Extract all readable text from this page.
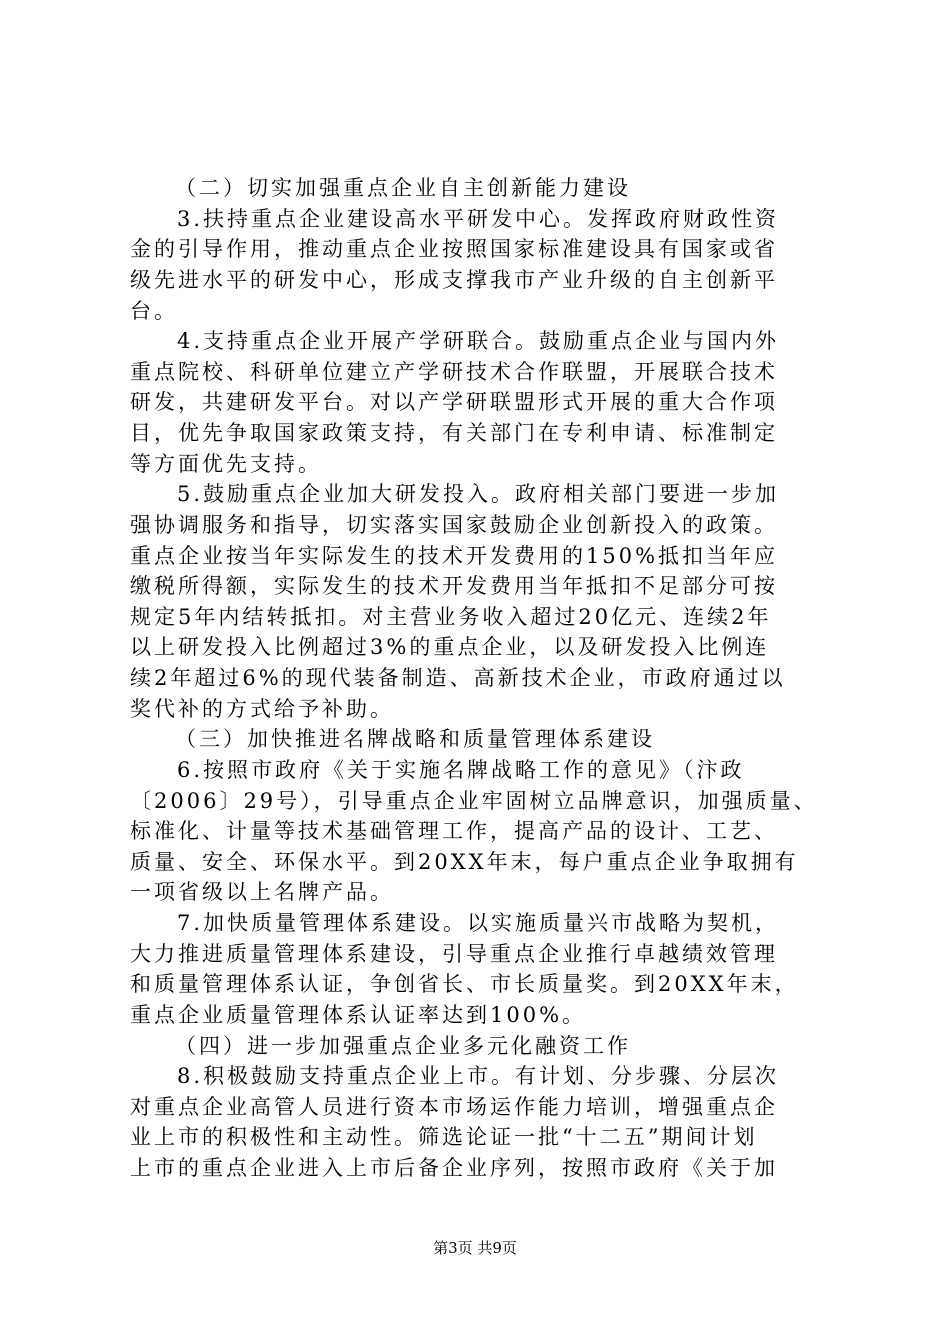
（二）切实加强重点企业自主创新能力建设
3.扶持重点企业建设高水平研发中心。发挥政府财政性资
金的引导作用，推动重点企业按照国家标准建设具有国家或省
级先进水平的研发中心，形成支撑我市产业升级的自主创新平
台。
4.支持重点企业开展产学研联合。鼓励重点企业与国内外
重点院校、科研单位建立产学研技术合作联盟，开展联合技术
研发，共建研发平台。对以产学研联盟形式开展的重大合作项
目，优先争取国家政策支持，有关部门在专利申请、标准制定
等方面优先支持。
5.鼓励重点企业加大研发投入。政府相关部门要进一步加
强协调服务和指导，切实落实国家鼓励企业创新投入的政策。
重点企业按当年实际发生的技术开发费用的150%抵扣当年应
缴税所得额，实际发生的技术开发费用当年抵扣不足部分可按
规定5年内结转抵扣。对主营业务收入超过20亿元、连续2年
以上研发投入比例超过3%的重点企业，以及研发投入比例连
续2年超过6%的现代装备制造、高新技术企业，市政府通过以
奖代补的方式给予补助。
（三）加快推进名牌战略和质量管理体系建设
6.按照市政府《关于实施名牌战略工作的意见》（汴政
〔2006〕29号），引导重点企业牢固树立品牌意识，加强质量、
标准化、计量等技术基础管理工作，提高产品的设计、工艺、
质量、安全、环保水平。到20XX年末，每户重点企业争取拥有
一项省级以上名牌产品。
7.加快质量管理体系建设。以实施质量兴市战略为契机，
大力推进质量管理体系建设，引导重点企业推行卓越绩效管理
和质量管理体系认证，争创省长、市长质量奖。到20XX年末，
重点企业质量管理体系认证率达到100%。
（四）进一步加强重点企业多元化融资工作
8.积极鼓励支持重点企业上市。有计划、分步骤、分层次
对重点企业高管人员进行资本市场运作能力培训，增强重点企
业上市的积极性和主动性。筛选论证一批“十二五”期间计划
上市的重点企业进入上市后备企业序列，按照市政府《关于加
第3页 共9页
